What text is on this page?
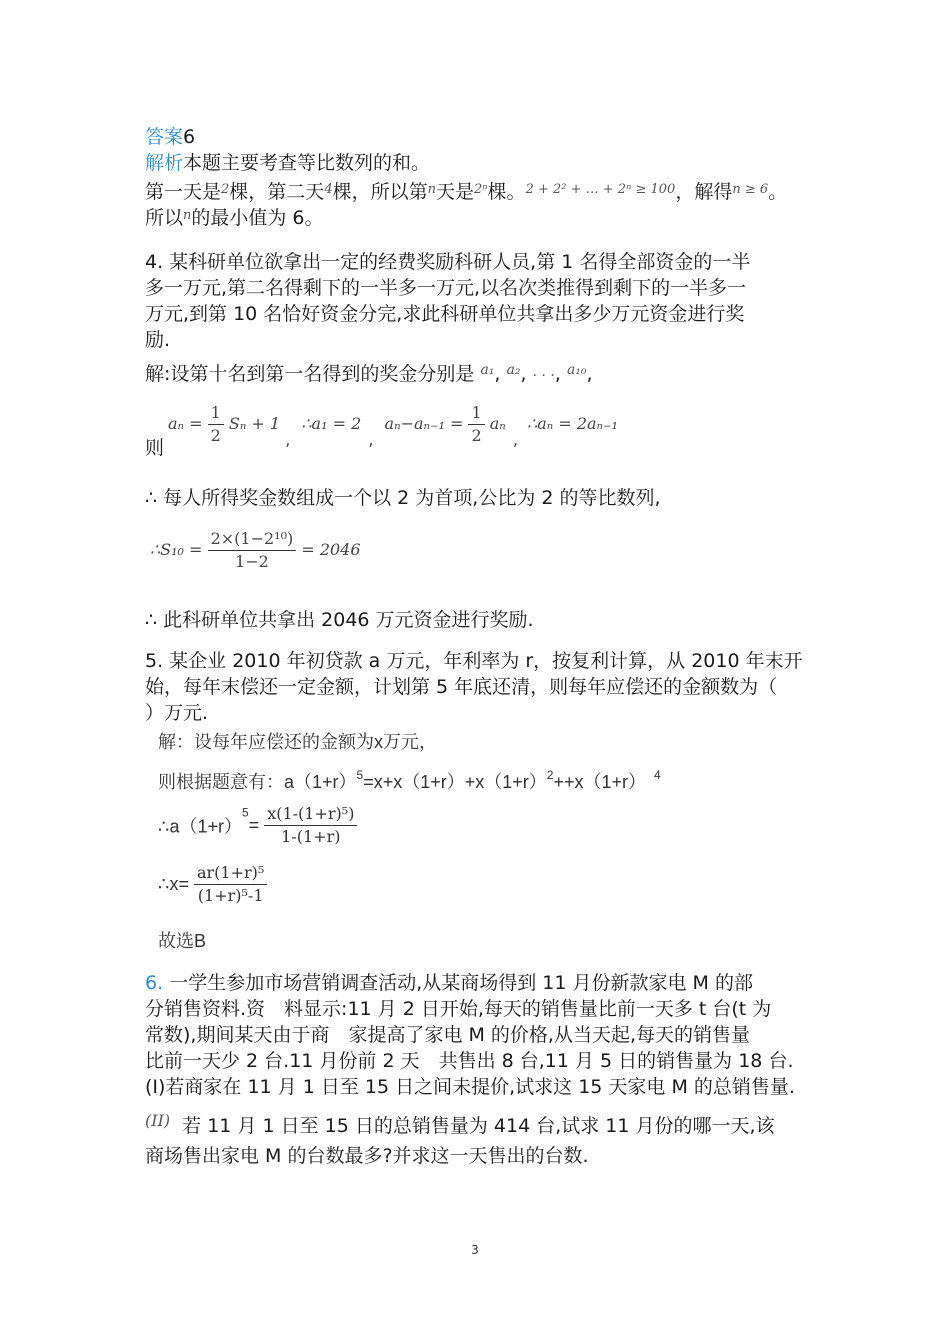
答案6
解析本题主要考查等比数列的和。
第一天是$^2$棵，第二天$^4$棵，所以第$^n$天是$^{2^n}$棵。$^{2 + 2^2 + \dots + 2^n \ge 100}$，解得$^{n \ge 6}$。
所以$^n$的最小值为 6。
4. 某科研单位欲拿出一定的经费奖励科研人员,第 1 名得全部资金的一半
多一万元,第二名得剩下的一半多一万元,以名次类推得到剩下的一半多一
万元,到第 10 名恰好资金分完,求此科研单位共拿出多少万元资金进行奖
励.
解:设第十名到第一名得到的奖金分别是 $^{a_1}$, $^{a_2}$, · · ·, $^{a_{10}}$,
则
$a_n = \frac{1}{2}$ Sₙ + 1 , ∴a₁ = 2 , $a_n-a_{n-1} = \frac{1}{2}$ aₙ , ∴aₙ = 2aₙ₋₁
∴ 每人所得奖金数组成一个以 2 为首项,公比为 2 的等比数列,
∴S₁₀ = $\frac{\text{2×(1−2¹⁰)}}{1-2} = 2046$
∴ 此科研单位共拿出 2046 万元资金进行奖励.
5. 某企业 2010 年初贷款 a 万元，年利率为 r，按复利计算，从 2010 年末开
始，每年末偿还一定金额，计划第 5 年底还清，则每年应偿还的金额数为（
）万元.
解：设每年应偿还的金额为x万元，
则根据题意有：$a(1+r)^5=x+x(1+r)+x(1+r)^2++x(1+r)$ $^4$
$\therefore a(1+r)^5= \frac{\text{x(1-(1+r)⁵)}}{1-(1+r)}$
∴x= $\frac{\text{ar(1+r)⁵}}{\text{(1+r)⁵-1}}$
故选B
6. 一学生参加市场营销调查活动,从某商场得到 11 月份新款家电 M 的部
分销售资料.资　料显示:11 月 2 日开始,每天的销售量比前一天多 t 台(t 为
常数),期间某天由于商　家提高了家电 M 的价格,从当天起,每天的销售量
比前一天少 2 台.11 月份前 2 天　共售出 8 台,11 月 5 日的销售量为 18 台.
(I)若商家在 11 月 1 日至 15 日之间未提价,试求这 15 天家电 M 的总销售量.
$^{(II)}$ 若 11 月 1 日至 15 日的总销售量为 414 台,试求 11 月份的哪一天,该
商场售出家电 M 的台数最多?并求这一天售出的台数.
3
